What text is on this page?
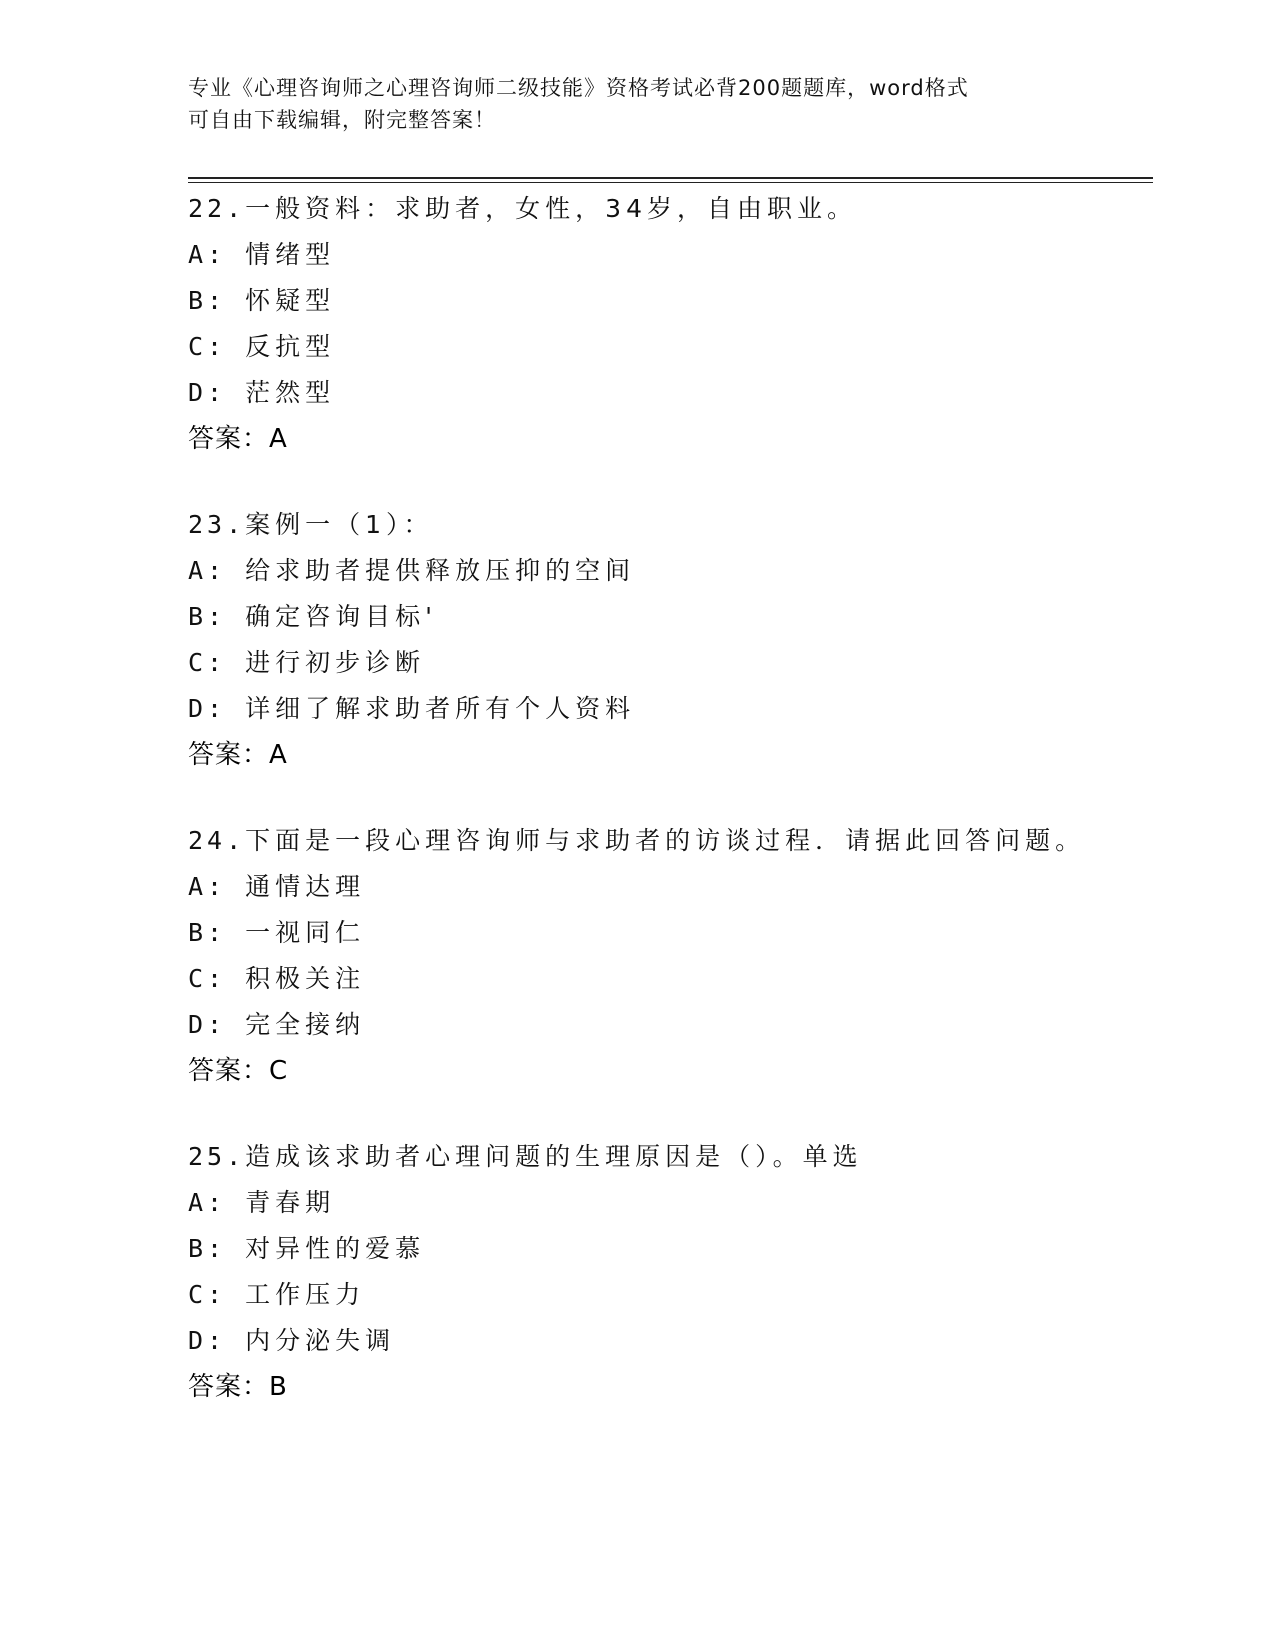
专业《心理咨询师之心理咨询师二级技能》资格考试必背200题题库，word格式
可自由下载编辑，附完整答案！
22.一般资料：求助者，女性，34岁，自由职业。
A: 情绪型
B: 怀疑型
C: 反抗型
D: 茫然型
答案：A
23.案例一（1）：
A: 给求助者提供释放压抑的空间
B: 确定咨询目标'
C: 进行初步诊断
D: 详细了解求助者所有个人资料
答案：A
24.下面是一段心理咨询师与求助者的访谈过程．请据此回答问题。
A: 通情达理
B: 一视同仁
C: 积极关注
D: 完全接纳
答案：C
25.造成该求助者心理问题的生理原因是（）。单选
A: 青春期
B: 对异性的爱慕
C: 工作压力
D: 内分泌失调
答案：B
